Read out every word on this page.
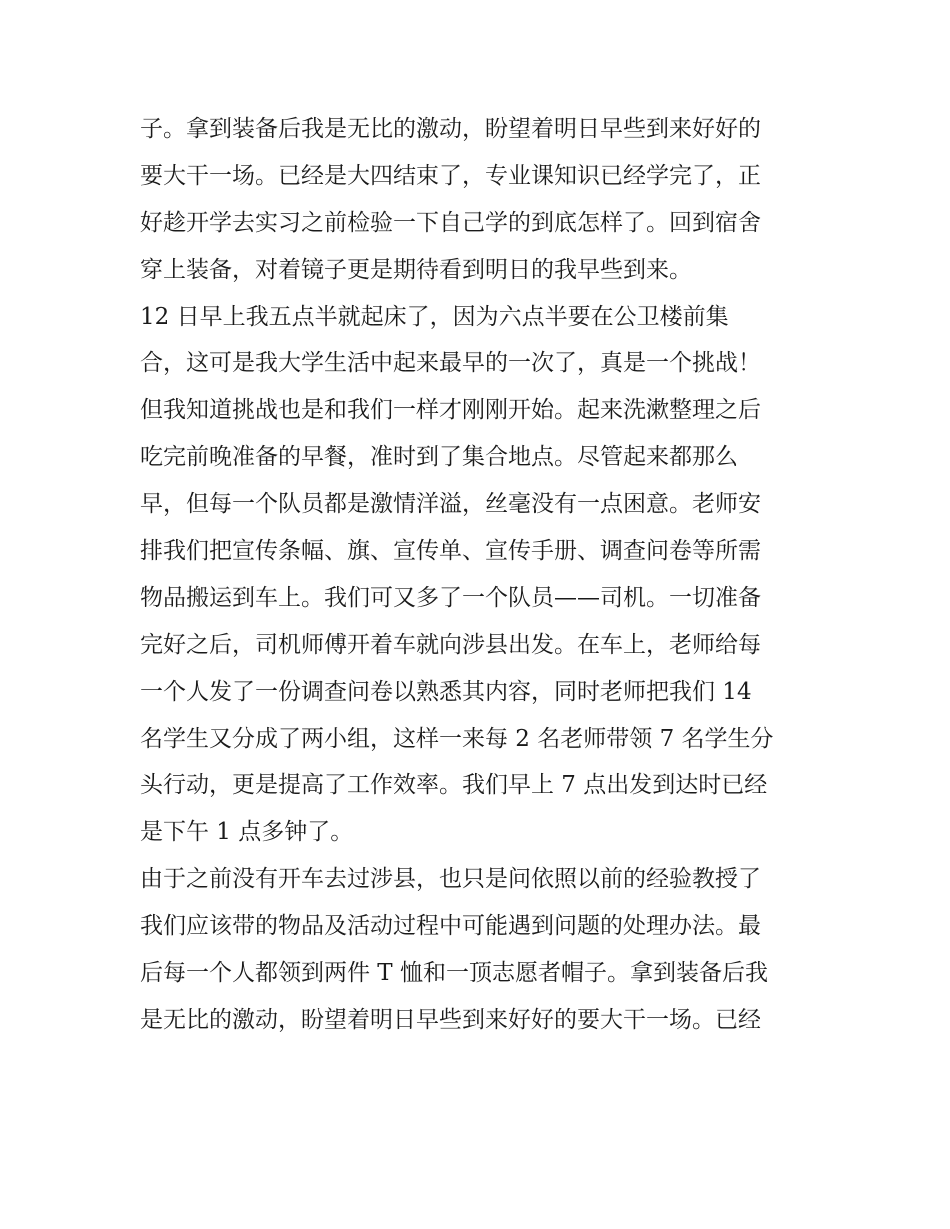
子。拿到装备后我是无比的激动，盼望着明日早些到来好好的
要大干一场。已经是大四结束了，专业课知识已经学完了，正
好趁开学去实习之前检验一下自己学的到底怎样了。回到宿舍
穿上装备，对着镜子更是期待看到明日的我早些到来。
12 日早上我五点半就起床了，因为六点半要在公卫楼前集
合，这可是我大学生活中起来最早的一次了，真是一个挑战！
但我知道挑战也是和我们一样才刚刚开始。起来洗漱整理之后
吃完前晚准备的早餐，准时到了集合地点。尽管起来都那么
早，但每一个队员都是激情洋溢，丝毫没有一点困意。老师安
排我们把宣传条幅、旗、宣传单、宣传手册、调查问卷等所需
物品搬运到车上。我们可又多了一个队员——司机。一切准备
完好之后，司机师傅开着车就向涉县出发。在车上，老师给每
一个人发了一份调查问卷以熟悉其内容，同时老师把我们 14
名学生又分成了两小组，这样一来每 2 名老师带领 7 名学生分
头行动，更是提高了工作效率。我们早上 7 点出发到达时已经
是下午 1 点多钟了。
由于之前没有开车去过涉县，也只是问依照以前的经验教授了
我们应该带的物品及活动过程中可能遇到问题的处理办法。最
后每一个人都领到两件 T 恤和一顶志愿者帽子。拿到装备后我
是无比的激动，盼望着明日早些到来好好的要大干一场。已经
